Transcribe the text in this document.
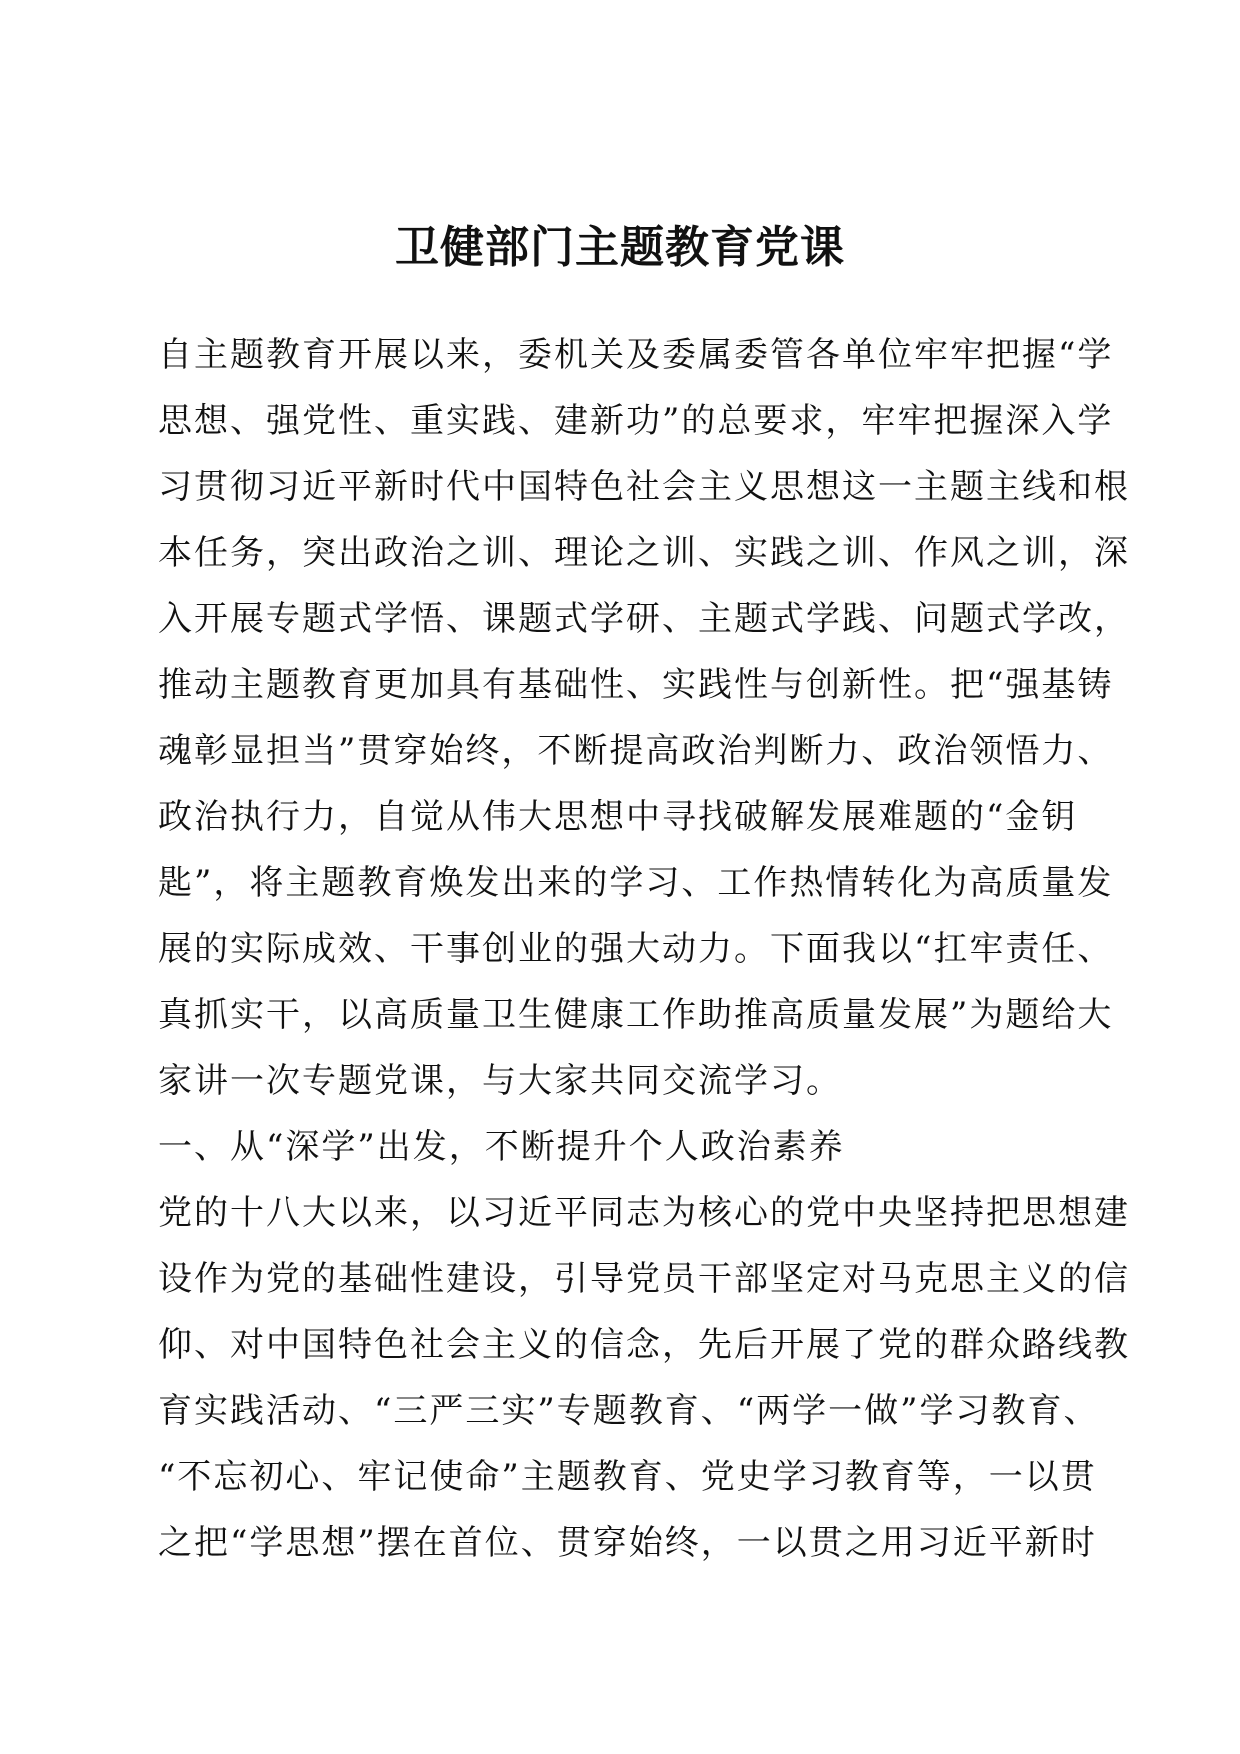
卫健部门主题教育党课
自主题教育开展以来，委机关及委属委管各单位牢牢把握“学
思想、强党性、重实践、建新功”的总要求，牢牢把握深入学
习贯彻习近平新时代中国特色社会主义思想这一主题主线和根
本任务，突出政治之训、理论之训、实践之训、作风之训，深
入开展专题式学悟、课题式学研、主题式学践、问题式学改，
推动主题教育更加具有基础性、实践性与创新性。把“强基铸
魂彰显担当”贯穿始终，不断提高政治判断力、政治领悟力、
政治执行力，自觉从伟大思想中寻找破解发展难题的“金钥
匙”，将主题教育焕发出来的学习、工作热情转化为高质量发
展的实际成效、干事创业的强大动力。下面我以“扛牢责任、
真抓实干，以高质量卫生健康工作助推高质量发展”为题给大
家讲一次专题党课，与大家共同交流学习。
一、从“深学”出发，不断提升个人政治素养
党的十八大以来，以习近平同志为核心的党中央坚持把思想建
设作为党的基础性建设，引导党员干部坚定对马克思主义的信
仰、对中国特色社会主义的信念，先后开展了党的群众路线教
育实践活动、“三严三实”专题教育、“两学一做”学习教育、
“不忘初心、牢记使命”主题教育、党史学习教育等，一以贯
之把“学思想”摆在首位、贯穿始终，一以贯之用习近平新时
